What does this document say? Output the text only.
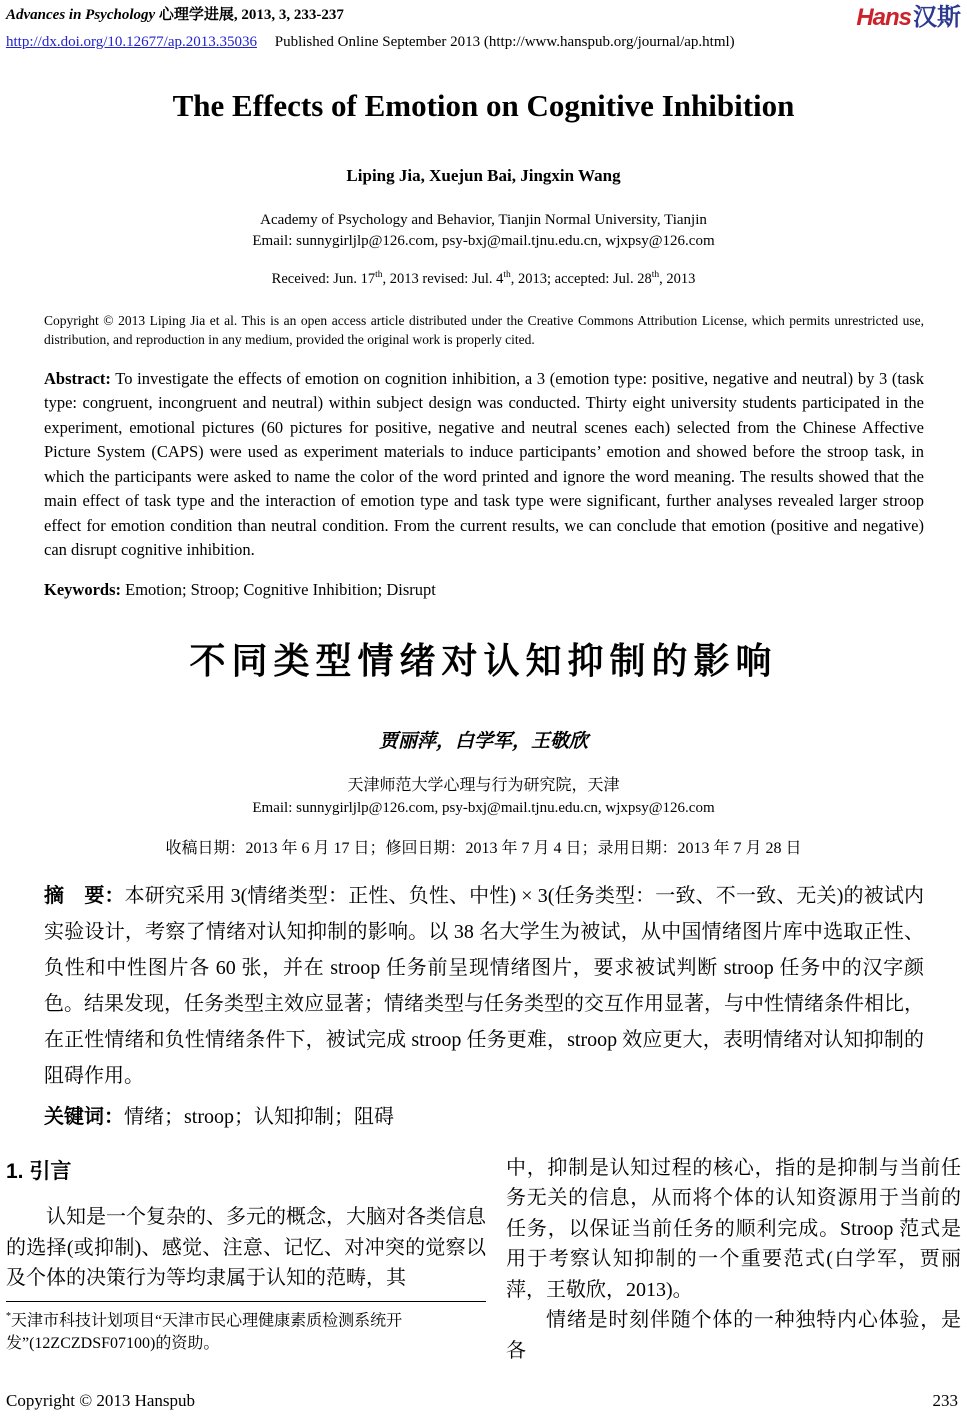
Advances in Psychology 心理学进展, 2013, 3, 233-237	Hans汉斯
http://dx.doi.org/10.12677/ap.2013.35036 Published Online September 2013 (http://www.hanspub.org/journal/ap.html)
The Effects of Emotion on Cognitive Inhibition
Liping Jia, Xuejun Bai, Jingxin Wang
Academy of Psychology and Behavior, Tianjin Normal University, Tianjin
Email: sunnygirljlp@126.com, psy-bxj@mail.tjnu.edu.cn, wjxpsy@126.com
Received: Jun. 17th, 2013 revised: Jul. 4th, 2013; accepted: Jul. 28th, 2013

Copyright © 2013 Liping Jia et al. This is an open access article distributed under the Creative Commons Attribution License, which permits unrestricted use, distribution, and reproduction in any medium, provided the original work is properly cited.

Abstract: To investigate the effects of emotion on cognition inhibition, a 3 (emotion type: positive, negative and neutral) by 3 (task type: congruent, incongruent and neutral) within subject design was conducted. Thirty eight university students participated in the experiment, emotional pictures (60 pictures for positive, negative and neutral scenes each) selected from the Chinese Affective Picture System (CAPS) were used as experiment materials to induce participants’ emotion and showed before the stroop task, in which the participants were asked to name the color of the word printed and ignore the word meaning. The results showed that the main effect of task type and the interaction of emotion type and task type were significant, further analyses revealed larger stroop effect for emotion condition than neutral condition. From the current results, we can conclude that emotion (positive and negative) can disrupt cognitive inhibition.

Keywords: Emotion; Stroop; Cognitive Inhibition; Disrupt

不同类型情绪对认知抑制的影响
贾丽萍，白学军，王敬欣
天津师范大学心理与行为研究院，天津
Email: sunnygirljlp@126.com, psy-bxj@mail.tjnu.edu.cn, wjxpsy@126.com
收稿日期：2013 年 6 月 17 日；修回日期：2013 年 7 月 4 日；录用日期：2013 年 7 月 28 日

摘　要：本研究采用 3(情绪类型：正性、负性、中性) × 3(任务类型：一致、不一致、无关)的被试内实验设计，考察了情绪对认知抑制的影响。以 38 名大学生为被试，从中国情绪图片库中选取正性、负性和中性图片各 60 张，并在 stroop 任务前呈现情绪图片，要求被试判断 stroop 任务中的汉字颜色。结果发现，任务类型主效应显著；情绪类型与任务类型的交互作用显著，与中性情绪条件相比，在正性情绪和负性情绪条件下，被试完成 stroop 任务更难，stroop 效应更大，表明情绪对认知抑制的阻碍作用。

关键词：情绪；stroop；认知抑制；阻碍

1. 引言

认知是一个复杂的、多元的概念，大脑对各类信息的选择(或抑制)、感觉、注意、记忆、对冲突的觉察以及个体的决策行为等均隶属于认知的范畴，其

*天津市科技计划项目“天津市民心理健康素质检测系统开发”(12ZCZDSF07100)的资助。

中，抑制是认知过程的核心，指的是抑制与当前任务无关的信息，从而将个体的认知资源用于当前的任务，以保证当前任务的顺利完成。Stroop 范式是用于考察认知抑制的一个重要范式(白学军，贾丽萍，王敬欣，2013)。

情绪是时刻伴随个体的一种独特内心体验，是各

Copyright © 2013 Hanspub	233
